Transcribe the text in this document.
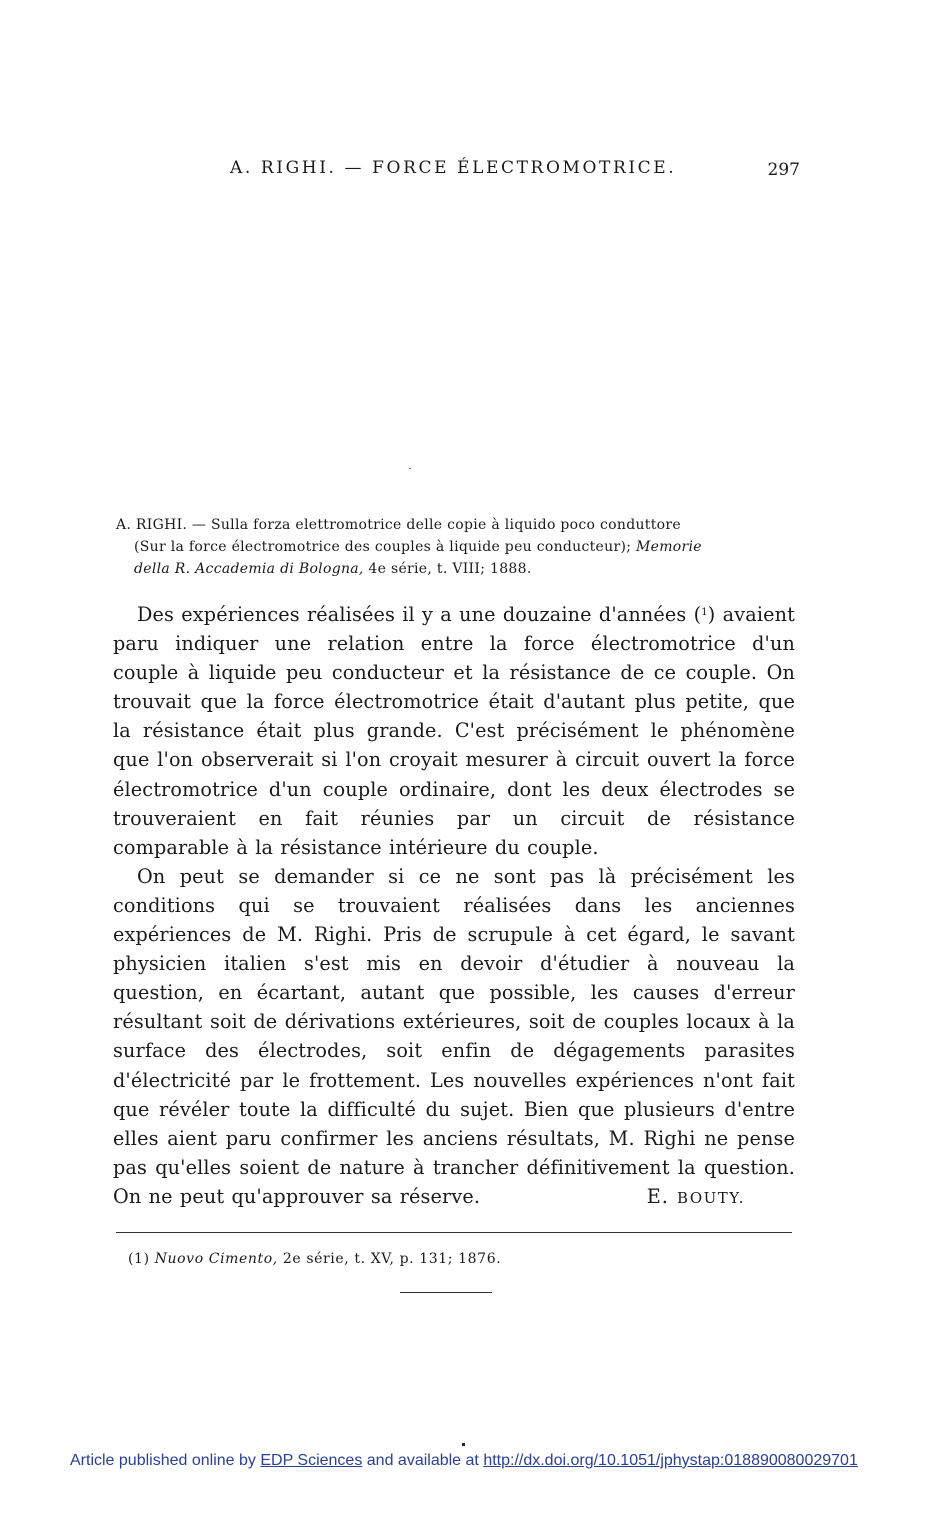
A. RIGHI. — FORCE ÉLECTROMOTRICE.	297
A. RIGHI. — Sulla forza elettromotrice delle copie à liquido poco conduttore
(Sur la force électromotrice des couples à liquide peu conducteur); Memorie
della R. Accademia di Bologna, 4e série, t. VIII; 1888.

Des expériences réalisées il y a une douzaine d'années ($^1$) avaient paru indiquer une relation entre la force électromotrice d'un couple à liquide peu conducteur et la résistance de ce couple. On trouvait que la force électromotrice était d'autant plus petite, que la résistance était plus grande. C'est précisément le phénomène que l'on observerait si l'on croyait mesurer à circuit ouvert la force électromotrice d'un couple ordinaire, dont les deux électrodes se trouveraient en fait réunies par un circuit de résistance comparable à la résistance intérieure du couple.

On peut se demander si ce ne sont pas là précisément les conditions qui se trouvaient réalisées dans les anciennes expériences de M. Righi. Pris de scrupule à cet égard, le savant physicien italien s'est mis en devoir d'étudier à nouveau la question, en écartant, autant que possible, les causes d'erreur résultant soit de dérivations extérieures, soit de couples locaux à la surface des électrodes, soit enfin de dégagements parasites d'électricité par le frottement. Les nouvelles expériences n'ont fait que révéler toute la difficulté du sujet. Bien que plusieurs d'entre elles aient paru confirmer les anciens résultats, M. Righi ne pense pas qu'elles soient de nature à trancher définitivement la question. On ne peut qu'approuver sa réserve.	E. BOUTY.

(1) Nuovo Cimento, 2e série, t. XV, p. 131; 1876.
Article published online by EDP Sciences and available at http://dx.doi.org/10.1051/jphystap:018890080029701
